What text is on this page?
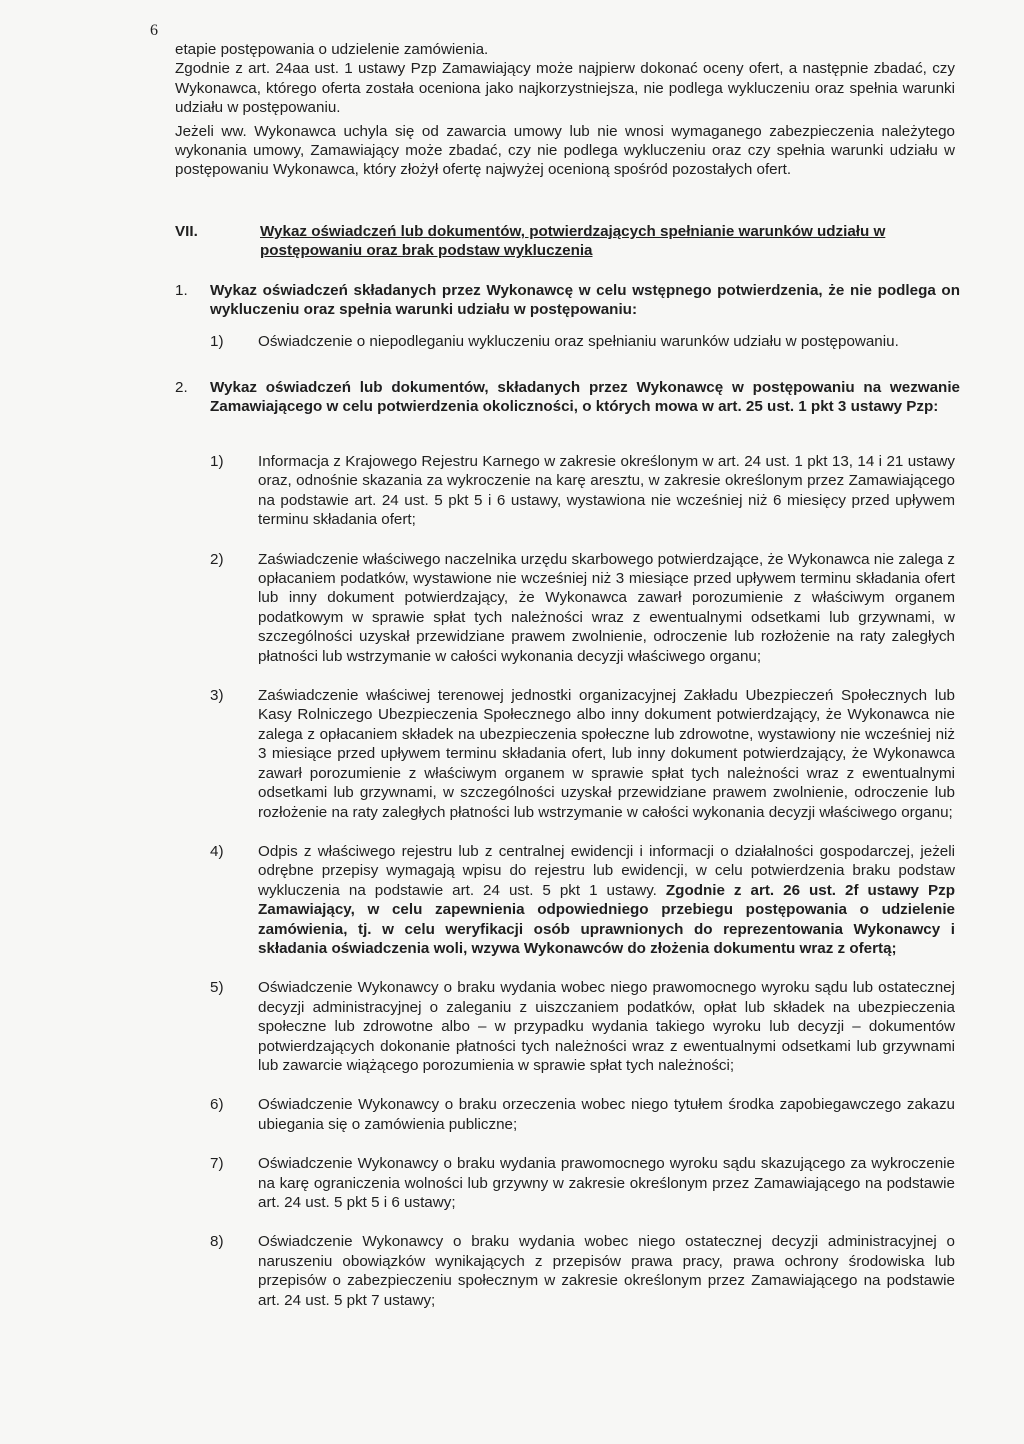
6

etapie postępowania o udzielenie zamówienia.

Zgodnie z art. 24aa ust. 1 ustawy Pzp Zamawiający może najpierw dokonać oceny ofert, a następnie zbadać, czy Wykonawca, którego oferta została oceniona jako najkorzystniejsza, nie podlega wykluczeniu oraz spełnia warunki udziału w postępowaniu.

Jeżeli ww. Wykonawca uchyla się od zawarcia umowy lub nie wnosi wymaganego zabezpieczenia należytego wykonania umowy, Zamawiający może zbadać, czy nie podlega wykluczeniu oraz czy spełnia warunki udziału w postępowaniu Wykonawca, który złożył ofertę najwyżej ocenioną spośród pozostałych ofert.

VII.	Wykaz oświadczeń lub dokumentów, potwierdzających spełnianie warunków udziału w postępowaniu oraz brak podstaw wykluczenia
1.	Wykaz oświadczeń składanych przez Wykonawcę w celu wstępnego potwierdzenia, że nie podlega on wykluczeniu oraz spełnia warunki udziału w postępowaniu:
1)	Oświadczenie o niepodleganiu wykluczeniu oraz spełnianiu warunków udziału w postępowaniu.
2.	Wykaz oświadczeń lub dokumentów, składanych przez Wykonawcę w postępowaniu na wezwanie Zamawiającego w celu potwierdzenia okoliczności, o których mowa w art. 25 ust. 1 pkt 3 ustawy Pzp:
1)	Informacja z Krajowego Rejestru Karnego w zakresie określonym w art. 24 ust. 1 pkt 13, 14 i 21 ustawy oraz, odnośnie skazania za wykroczenie na karę aresztu, w zakresie określonym przez Zamawiającego na podstawie art. 24 ust. 5 pkt 5 i 6 ustawy, wystawiona nie wcześniej niż 6 miesięcy przed upływem terminu składania ofert;
2)	Zaświadczenie właściwego naczelnika urzędu skarbowego potwierdzające, że Wykonawca nie zalega z opłacaniem podatków, wystawione nie wcześniej niż 3 miesiące przed upływem terminu składania ofert lub inny dokument potwierdzający, że Wykonawca zawarł porozumienie z właściwym organem podatkowym w sprawie spłat tych należności wraz z ewentualnymi odsetkami lub grzywnami, w szczególności uzyskał przewidziane prawem zwolnienie, odroczenie lub rozłożenie na raty zaległych płatności lub wstrzymanie w całości wykonania decyzji właściwego organu;
3)	Zaświadczenie właściwej terenowej jednostki organizacyjnej Zakładu Ubezpieczeń Społecznych lub Kasy Rolniczego Ubezpieczenia Społecznego albo inny dokument potwierdzający, że Wykonawca nie zalega z opłacaniem składek na ubezpieczenia społeczne lub zdrowotne, wystawiony nie wcześniej niż 3 miesiące przed upływem terminu składania ofert, lub inny dokument potwierdzający, że Wykonawca zawarł porozumienie z właściwym organem w sprawie spłat tych należności wraz z ewentualnymi odsetkami lub grzywnami, w szczególności uzyskał przewidziane prawem zwolnienie, odroczenie lub rozłożenie na raty zaległych płatności lub wstrzymanie w całości wykonania decyzji właściwego organu;
4)	Odpis z właściwego rejestru lub z centralnej ewidencji i informacji o działalności gospodarczej, jeżeli odrębne przepisy wymagają wpisu do rejestru lub ewidencji, w celu potwierdzenia braku podstaw wykluczenia na podstawie art. 24 ust. 5 pkt 1 ustawy. Zgodnie z art. 26 ust. 2f ustawy Pzp Zamawiający, w celu zapewnienia odpowiedniego przebiegu postępowania o udzielenie zamówienia, tj. w celu weryfikacji osób uprawnionych do reprezentowania Wykonawcy i składania oświadczenia woli, wzywa Wykonawców do złożenia dokumentu wraz z ofertą;
5)	Oświadczenie Wykonawcy o braku wydania wobec niego prawomocnego wyroku sądu lub ostatecznej decyzji administracyjnej o zaleganiu z uiszczaniem podatków, opłat lub składek na ubezpieczenia społeczne lub zdrowotne albo – w przypadku wydania takiego wyroku lub decyzji – dokumentów potwierdzających dokonanie płatności tych należności wraz z ewentualnymi odsetkami lub grzywnami lub zawarcie wiążącego porozumienia w sprawie spłat tych należności;
6)	Oświadczenie Wykonawcy o braku orzeczenia wobec niego tytułem środka zapobiegawczego zakazu ubiegania się o zamówienia publiczne;
7)	Oświadczenie Wykonawcy o braku wydania prawomocnego wyroku sądu skazującego za wykroczenie na karę ograniczenia wolności lub grzywny w zakresie określonym przez Zamawiającego na podstawie art. 24 ust. 5 pkt 5 i 6 ustawy;
8)	Oświadczenie Wykonawcy o braku wydania wobec niego ostatecznej decyzji administracyjnej o naruszeniu obowiązków wynikających z przepisów prawa pracy, prawa ochrony środowiska lub przepisów o zabezpieczeniu społecznym w zakresie określonym przez Zamawiającego na podstawie art. 24 ust. 5 pkt 7 ustawy;
